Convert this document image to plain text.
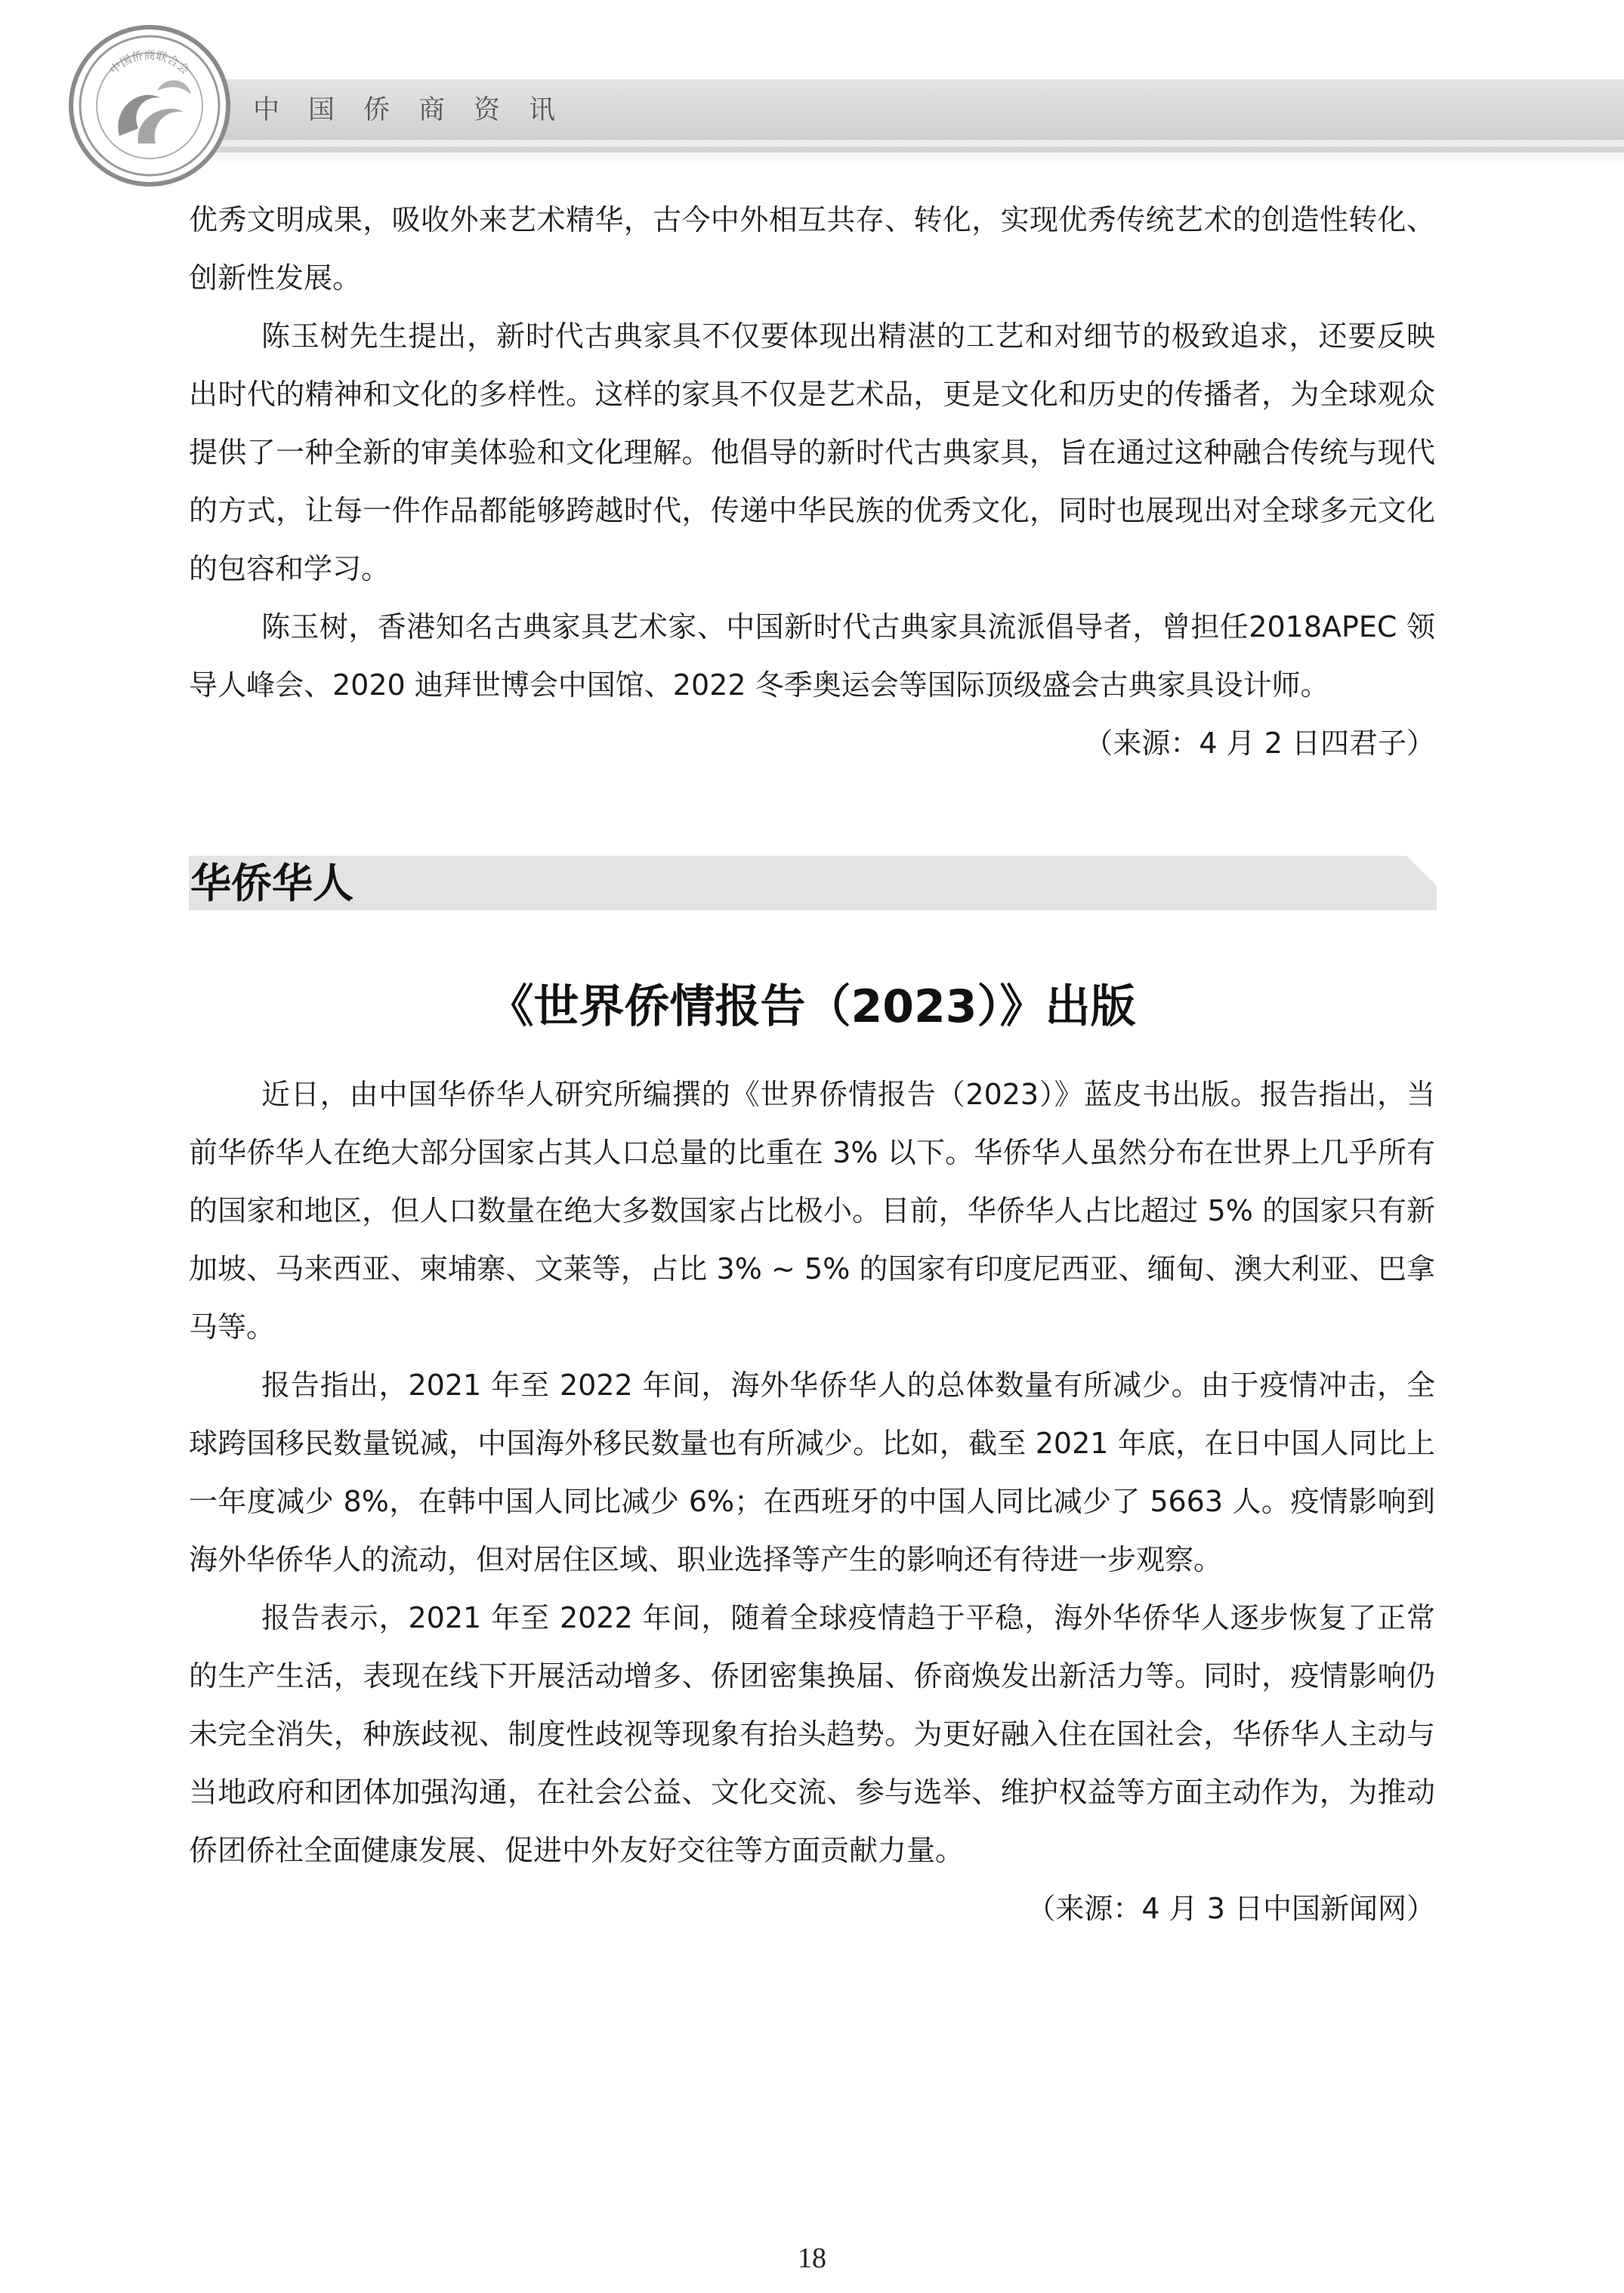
中国侨商资讯
中国侨商联合会

优秀文明成果，吸收外来艺术精华，古今中外相互共存、转化，实现优秀传统艺术的创造性转化、创新性发展。

陈玉树先生提出，新时代古典家具不仅要体现出精湛的工艺和对细节的极致追求，还要反映出时代的精神和文化的多样性。这样的家具不仅是艺术品，更是文化和历史的传播者，为全球观众提供了一种全新的审美体验和文化理解。他倡导的新时代古典家具，旨在通过这种融合传统与现代的方式，让每一件作品都能够跨越时代，传递中华民族的优秀文化，同时也展现出对全球多元文化的包容和学习。

陈玉树，香港知名古典家具艺术家、中国新时代古典家具流派倡导者，曾担任2018APEC 领导人峰会、2020 迪拜世博会中国馆、2022 冬季奥运会等国际顶级盛会古典家具设计师。

（来源：4 月 2 日四君子）

华侨华人
《世界侨情报告（2023）》出版

近日，由中国华侨华人研究所编撰的《世界侨情报告（2023）》蓝皮书出版。报告指出，当前华侨华人在绝大部分国家占其人口总量的比重在 3% 以下。华侨华人虽然分布在世界上几乎所有的国家和地区，但人口数量在绝大多数国家占比极小。目前，华侨华人占比超过 5% 的国家只有新加坡、马来西亚、柬埔寨、文莱等，占比 3% ~ 5% 的国家有印度尼西亚、缅甸、澳大利亚、巴拿马等。

报告指出，2021 年至 2022 年间，海外华侨华人的总体数量有所减少。由于疫情冲击，全球跨国移民数量锐减，中国海外移民数量也有所减少。比如，截至 2021 年底，在日中国人同比上一年度减少 8%，在韩中国人同比减少 6%；在西班牙的中国人同比减少了 5663 人。疫情影响到海外华侨华人的流动，但对居住区域、职业选择等产生的影响还有待进一步观察。

报告表示，2021 年至 2022 年间，随着全球疫情趋于平稳，海外华侨华人逐步恢复了正常的生产生活，表现在线下开展活动增多、侨团密集换届、侨商焕发出新活力等。同时，疫情影响仍未完全消失，种族歧视、制度性歧视等现象有抬头趋势。为更好融入住在国社会，华侨华人主动与当地政府和团体加强沟通，在社会公益、文化交流、参与选举、维护权益等方面主动作为，为推动侨团侨社全面健康发展、促进中外友好交往等方面贡献力量。

（来源：4 月 3 日中国新闻网）

18
